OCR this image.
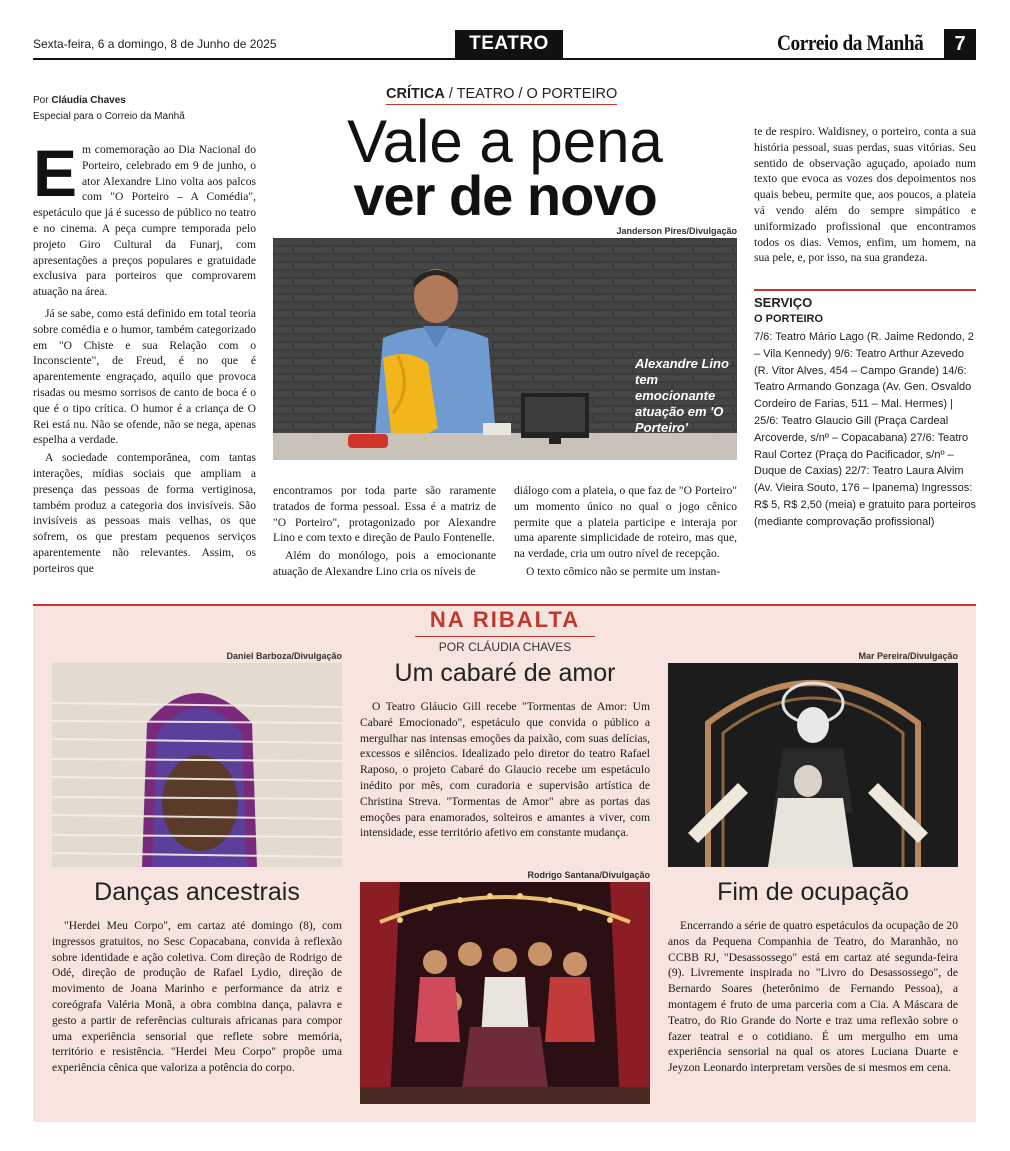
Sexta-feira, 6 a domingo, 8 de Junho de 2025	TEATRO	Correio da Manhã	7
Por Cláudia Chaves
Especial para o Correio da Manhã
CRÍTICA / TEATRO / O PORTEIRO
Vale a pena
ver de novo
Janderson Pires/Divulgação
Alexandre Lino tem emocionante atuação em 'O Porteiro'
E m comemoração ao Dia Nacional do Porteiro, celebrado em 9 de junho, o ator Alexandre Lino volta aos palcos com "O Porteiro – A Comédia", espetáculo que já é sucesso de público no teatro e no cinema. A peça cumpre temporada pelo projeto Giro Cultural da Funarj, com apresentações a preços populares e gratuidade exclusiva para porteiros que comprovarem atuação na área.

Já se sabe, como está definido em total teoria sobre comédia e o humor, também categorizado em "O Chiste e sua Relação com o Inconsciente", de Freud, é no que é aparentemente engraçado, aquilo que provoca risadas ou mesmo sorrisos de canto de boca é o que é o tipo crítica. O humor é a criança de O Rei está nu. Não se ofende, não se nega, apenas espelha a verdade.

A sociedade contemporânea, com tantas interações, mídias sociais que ampliam a presença das pessoas de forma vertiginosa, também produz a categoria dos invisíveis. São invisíveis as pessoas mais velhas, os que sofrem, os que prestam pequenos serviços aparentemente não relevantes. Assim, os porteiros que

encontramos por toda parte são raramente tratados de forma pessoal. Essa é a matriz de "O Porteiro", protagonizado por Alexandre Lino e com texto e direção de Paulo Fontenelle.

Além do monólogo, pois a emocionante atuação de Alexandre Lino cria os níveis de

diálogo com a plateia, o que faz de "O Porteiro" um momento único no qual o jogo cênico permite que a plateia participe e interaja por uma aparente simplicidade de roteiro, mas que, na verdade, cria um outro nível de recepção.

O texto cômico não se permite um instan-

te de respiro. Waldisney, o porteiro, conta a sua história pessoal, suas perdas, suas vitórias. Seu sentido de observação aguçado, apoiado num texto que evoca as vozes dos depoimentos nos quais bebeu, permite que, aos poucos, a plateia vá vendo além do sempre simpático e uniformizado profissional que encontramos todos os dias. Vemos, enfim, um homem, na sua pele, e, por isso, na sua grandeza.

SERVIÇO
O PORTEIRO
7/6: Teatro Mário Lago (R. Jaime Redondo, 2 – Vila Kennedy) 9/6: Teatro Arthur Azevedo (R. Vitor Alves, 454 – Campo Grande) 14/6: Teatro Armando Gonzaga (Av. Gen. Osvaldo Cordeiro de Farias, 511 – Mal. Hermes) | 25/6: Teatro Glaucio Gill (Praça Cardeal Arcoverde, s/nº – Copacabana) 27/6: Teatro Raul Cortez (Praça do Pacificador, s/nº – Duque de Caxias) 22/7: Teatro Laura Alvim (Av. Vieira Souto, 176 – Ipanema) Ingressos: R$ 5, R$ 2,50 (meia) e gratuito para porteiros (mediante comprovação profissional)
NA RIBALTA
POR CLÁUDIA CHAVES
Daniel Barboza/Divulgação
Danças ancestrais

"Herdei Meu Corpo", em cartaz até domingo (8), com ingressos gratuitos, no Sesc Copacabana, convida à reflexão sobre identidade e ação coletiva. Com direção de Rodrigo de Odé, direção de produção de Rafael Lydio, direção de movimento de Joana Marinho e performance da atriz e coreógrafa Valéria Monã, a obra combina dança, palavra e gesto a partir de referências culturais africanas para compor uma experiência sensorial que reflete sobre memória, território e resistência. "Herdei Meu Corpo" propõe uma experiência cênica que valoriza a potência do corpo.

Um cabaré de amor

O Teatro Gláucio Gill recebe "Tormentas de Amor: Um Cabaré Emocionado", espetáculo que convida o público a mergulhar nas intensas emoções da paixão, com suas delícias, excessos e silêncios. Idealizado pelo diretor do teatro Rafael Raposo, o projeto Cabaré do Glaucio recebe um espetáculo inédito por mês, com curadoria e supervisão artística de Christina Streva. "Tormentas de Amor" abre as portas das emoções para enamorados, solteiros e amantes a viver, com intensidade, esse território afetivo em constante mudança.

Rodrigo Santana/Divulgação
Mar Pereira/Divulgação
Fim de ocupação

Encerrando a série de quatro espetáculos da ocupação de 20 anos da Pequena Companhia de Teatro, do Maranhão, no CCBB RJ, "Desassossego" está em cartaz até segunda-feira (9). Livremente inspirada no "Livro do Desassossego", de Bernardo Soares (heterônimo de Fernando Pessoa), a montagem é fruto de uma parceria com a Cia. A Máscara de Teatro, do Rio Grande do Norte e traz uma reflexão sobre o fazer teatral e o cotidiano. É um mergulho em uma experiência sensorial na qual os atores Luciana Duarte e Jeyzon Leonardo interpretam versões de si mesmos em cena.
